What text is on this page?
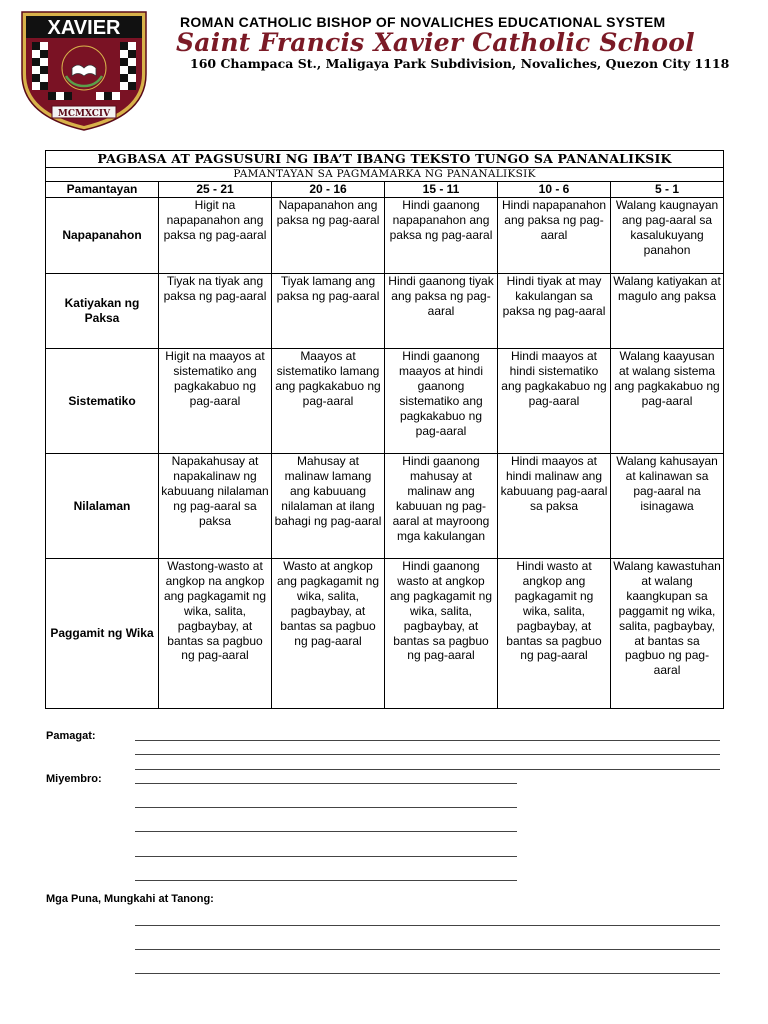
XAVIER
MCMXCIV
ROMAN CATHOLIC BISHOP OF NOVALICHES EDUCATIONAL SYSTEM
Saint Francis Xavier Catholic School
160 Champaca St., Maligaya Park Subdivision, Novaliches, Quezon City 1118
PAGBASA AT PAGSUSURI NG IBA’T IBANG TEKSTO TUNGO SA PANANALIKSIK					
PAMANTAYAN SA PAGMAMARKA NG PANANALIKSIK					
Pamantayan	25 - 21	20 - 16	15 - 11	10 - 6	5 - 1
Napapanahon	Higit na napapanahon ang paksa ng pag-aaral	Napapanahon ang paksa ng pag-aaral	Hindi gaanong napapanahon ang paksa ng pag-aaral	Hindi napapanahon ang paksa ng pag-aaral	Walang kaugnayan ang pag-aaral sa kasalukuyang panahon
Katiyakan ng Paksa	Tiyak na tiyak ang paksa ng pag-aaral	Tiyak lamang ang paksa ng pag-aaral	Hindi gaanong tiyak ang paksa ng pag-aaral	Hindi tiyak at may kakulangan sa paksa ng pag-aaral	Walang katiyakan at magulo ang paksa
Sistematiko	Higit na maayos at sistematiko ang pagkakabuo ng pag-aaral	Maayos at sistematiko lamang ang pagkakabuo ng pag-aaral	Hindi gaanong maayos at hindi gaanong sistematiko ang pagkakabuo ng pag-aaral	Hindi maayos at hindi sistematiko ang pagkakabuo ng pag-aaral	Walang kaayusan at walang sistema ang pagkakabuo ng pag-aaral
Nilalaman	Napakahusay at napakalinaw ng kabuuang nilalaman ng pag-aaral sa paksa	Mahusay at malinaw lamang ang kabuuang nilalaman at ilang bahagi ng pag-aaral	Hindi gaanong mahusay at malinaw ang kabuuan ng pag-aaral at mayroong mga kakulangan	Hindi maayos at hindi malinaw ang kabuuang pag-aaral sa paksa	Walang kahusayan at kalinawan sa pag-aaral na isinagawa
Paggamit ng Wika	Wastong-wasto at angkop na angkop ang pagkagamit ng wika, salita, pagbaybay, at bantas sa pagbuo ng pag-aaral	Wasto at angkop ang pagkagamit ng wika, salita, pagbaybay, at bantas sa pagbuo ng pag-aaral	Hindi gaanong wasto at angkop ang pagkagamit ng wika, salita, pagbaybay, at bantas sa pagbuo ng pag-aaral	Hindi wasto at angkop ang pagkagamit ng wika, salita, pagbaybay, at bantas sa pagbuo ng pag-aaral	Walang kawastuhan at walang kaangkupan sa paggamit ng wika, salita, pagbaybay, at bantas sa pagbuo ng pag-aaral
Pamagat:
Miyembro:
Mga Puna, Mungkahi at Tanong:
